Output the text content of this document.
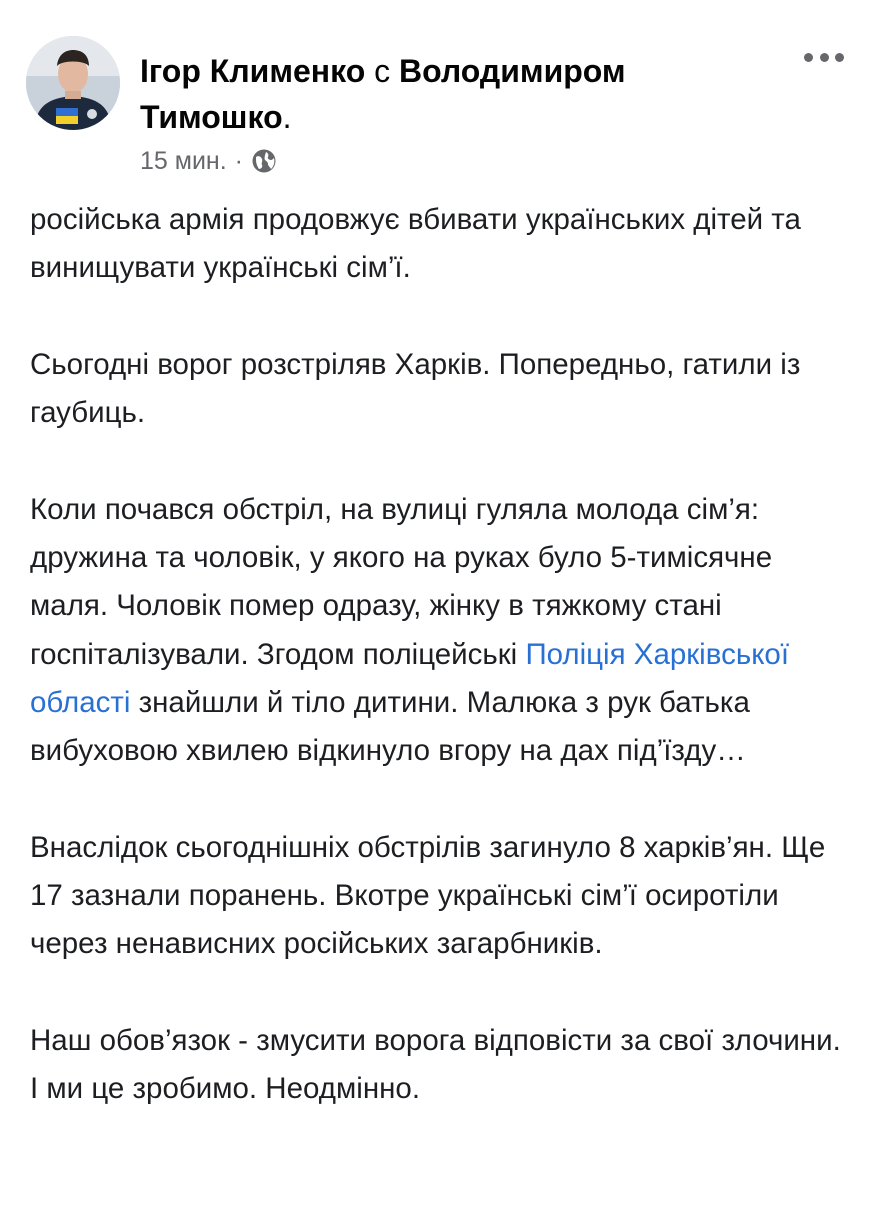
Ігор Клименко с Володимиром Тимошко.
15 мин. ·

російська армія продовжує вбивати українських дітей та винищувати українські сім’ї.

Сьогодні ворог розстріляв Харків. Попередньо, гатили із гаубиць.

Коли почався обстріл, на вулиці гуляла молода сім’я: дружина та чоловік, у якого на руках було 5-тимісячне маля. Чоловік помер одразу, жінку в тяжкому стані госпіталізували. Згодом поліцейські Поліція Харківської області знайшли й тіло дитини. Малюка з рук батька вибуховою хвилею відкинуло вгору на дах під’їзду…

Внаслідок сьогоднішніх обстрілів загинуло 8 харків’ян. Ще 17 зазнали поранень. Вкотре українські сім’ї осиротіли через ненависних російських загарбників.

Наш обов’язок - змусити ворога відповісти за свої злочини. І ми це зробимо. Неодмінно.
